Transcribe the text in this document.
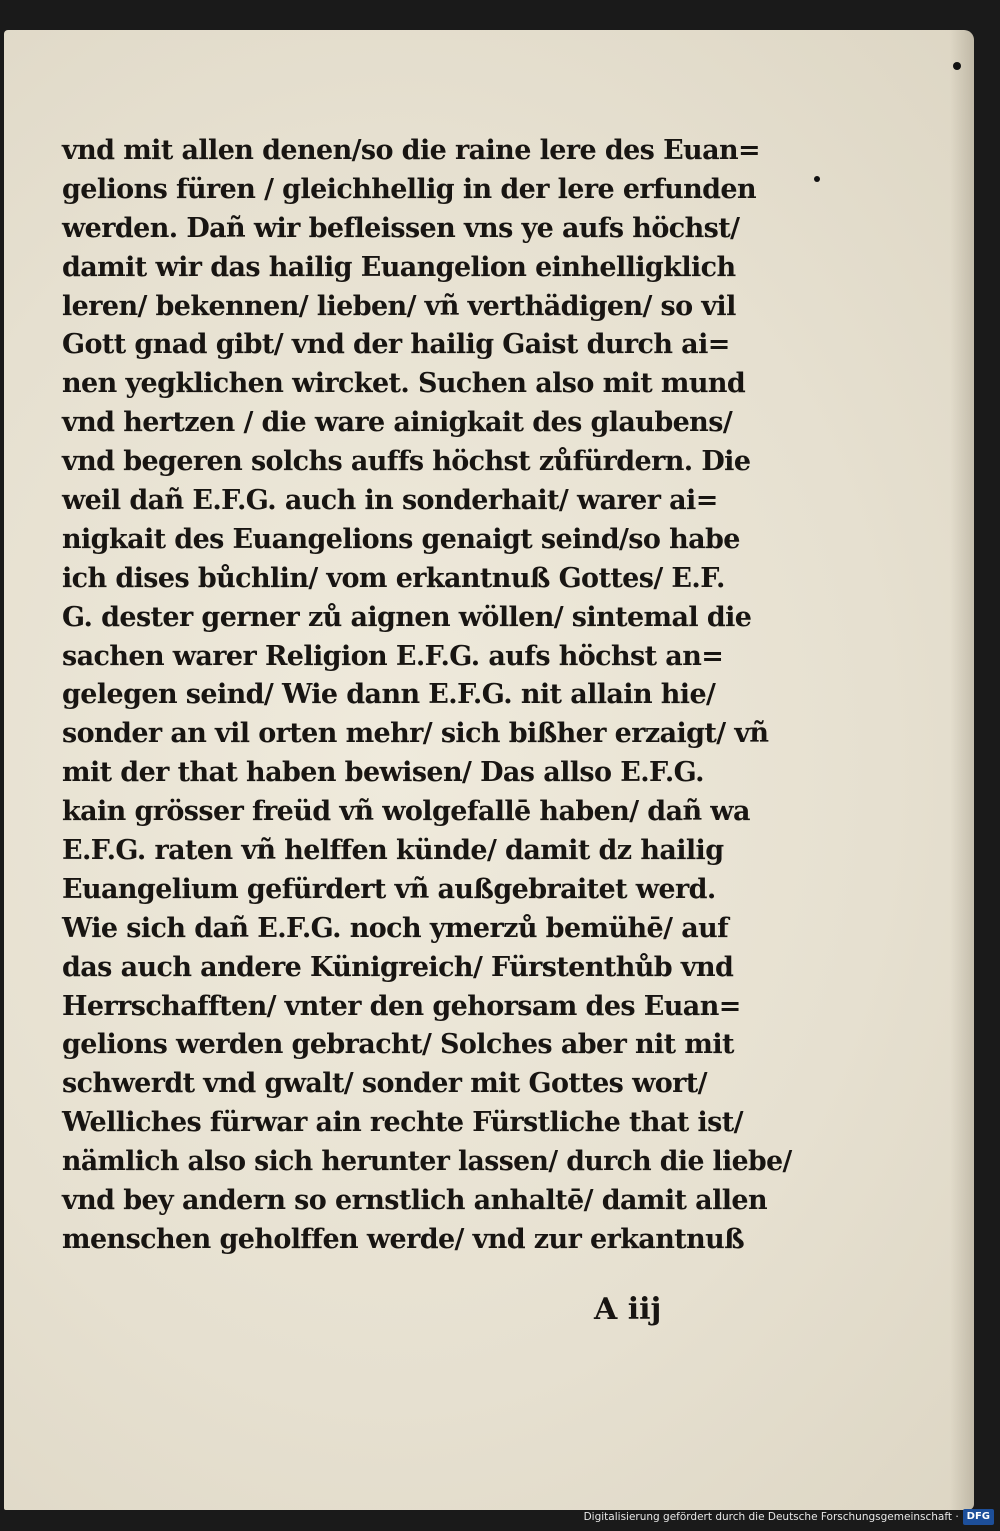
vnd mit allen denen/so die raine lere des Euan=
gelions füren / gleichhellig in der lere erfunden
werden. Dañ wir befleissen vns ye aufs höchst/
damit wir das hailig Euangelion einhelligklich
leren/ bekennen/ lieben/ vñ verthädigen/ so vil
Gott gnad gibt/ vnd der hailig Gaist durch ai=
nen yegklichen wircket. Suchen also mit mund
vnd hertzen / die ware ainigkait des glaubens/
vnd begeren solchs auffs höchst zůfürdern. Die
weil dañ E.F.G. auch in sonderhait/ warer ai=
nigkait des Euangelions genaigt seind/so habe
ich dises bůchlin/ vom erkantnuß Gottes/ E.F.
G. dester gerner zů aignen wöllen/ sintemal die
sachen warer Religion E.F.G. aufs höchst an=
gelegen seind/ Wie dann E.F.G. nit allain hie/
sonder an vil orten mehr/ sich bißher erzaigt/ vñ
mit der that haben bewisen/ Das allso E.F.G.
kain grösser freüd vñ wolgefallē haben/ dañ wa
E.F.G. raten vñ helffen künde/ damit dz hailig
Euangelium gefürdert vñ außgebraitet werd.
Wie sich dañ E.F.G. noch ymerzů bemühē/ auf
das auch andere Künigreich/ Fürstenthůb vnd
Herrschafften/ vnter den gehorsam des Euan=
gelions werden gebracht/ Solches aber nit mit
schwerdt vnd gwalt/ sonder mit Gottes wort/
Welliches fürwar ain rechte Fürstliche that ist/
nämlich also sich herunter lassen/ durch die liebe/
vnd bey andern so ernstlich anhaltē/ damit allen
menschen geholffen werde/ vnd zur erkantnuß
A iij
Digitalisierung gefördert durch die Deutsche Forschungsgemeinschaft · DFG
